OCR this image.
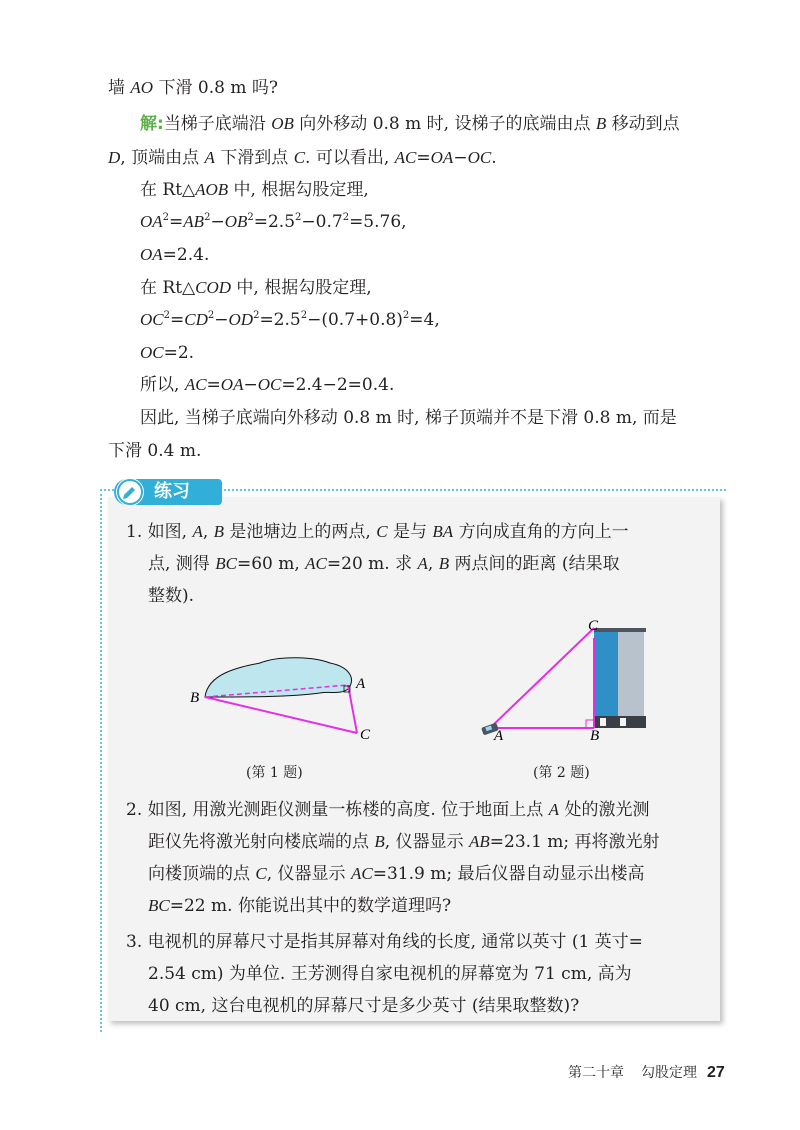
墙 AO 下滑 0.8 m 吗?
解:当梯子底端沿 OB 向外移动 0.8 m 时, 设梯子的底端由点 B 移动到点
D, 顶端由点 A 下滑到点 C. 可以看出, AC=OA−OC.
在 Rt△AOB 中, 根据勾股定理,
$OA^2=AB^2-OB^2=2.5^2-0.7^2=5.76$,
OA=2.4.
在 Rt△COD 中, 根据勾股定理,
$OC^2=CD^2-OD^2=2.5^2-(0.7+0.8)^2=4$,
OC=2.
所以, AC=OA−OC=2.4−2=0.4.
因此, 当梯子底端向外移动 0.8 m 时, 梯子顶端并不是下滑 0.8 m, 而是
下滑 0.4 m.
练习
1. 如图, A, B 是池塘边上的两点, C 是与 BA 方向成直角的方向上一
点, 测得 BC=60 m, AC=20 m. 求 A, B 两点间的距离 (结果取
整数).
B
A
C
(第 1 题)
A	B
C
(第 2 题)
2. 如图, 用激光测距仪测量一栋楼的高度. 位于地面上点 A 处的激光测
距仪先将激光射向楼底端的点 B, 仪器显示 AB=23.1 m; 再将激光射
向楼顶端的点 C, 仪器显示 AC=31.9 m; 最后仪器自动显示出楼高
BC=22 m. 你能说出其中的数学道理吗?
3. 电视机的屏幕尺寸是指其屏幕对角线的长度, 通常以英寸 (1 英寸=
2.54 cm) 为单位. 王芳测得自家电视机的屏幕宽为 71 cm, 高为
40 cm, 这台电视机的屏幕尺寸是多少英寸 (结果取整数)?
第二十章 勾股定理 27
